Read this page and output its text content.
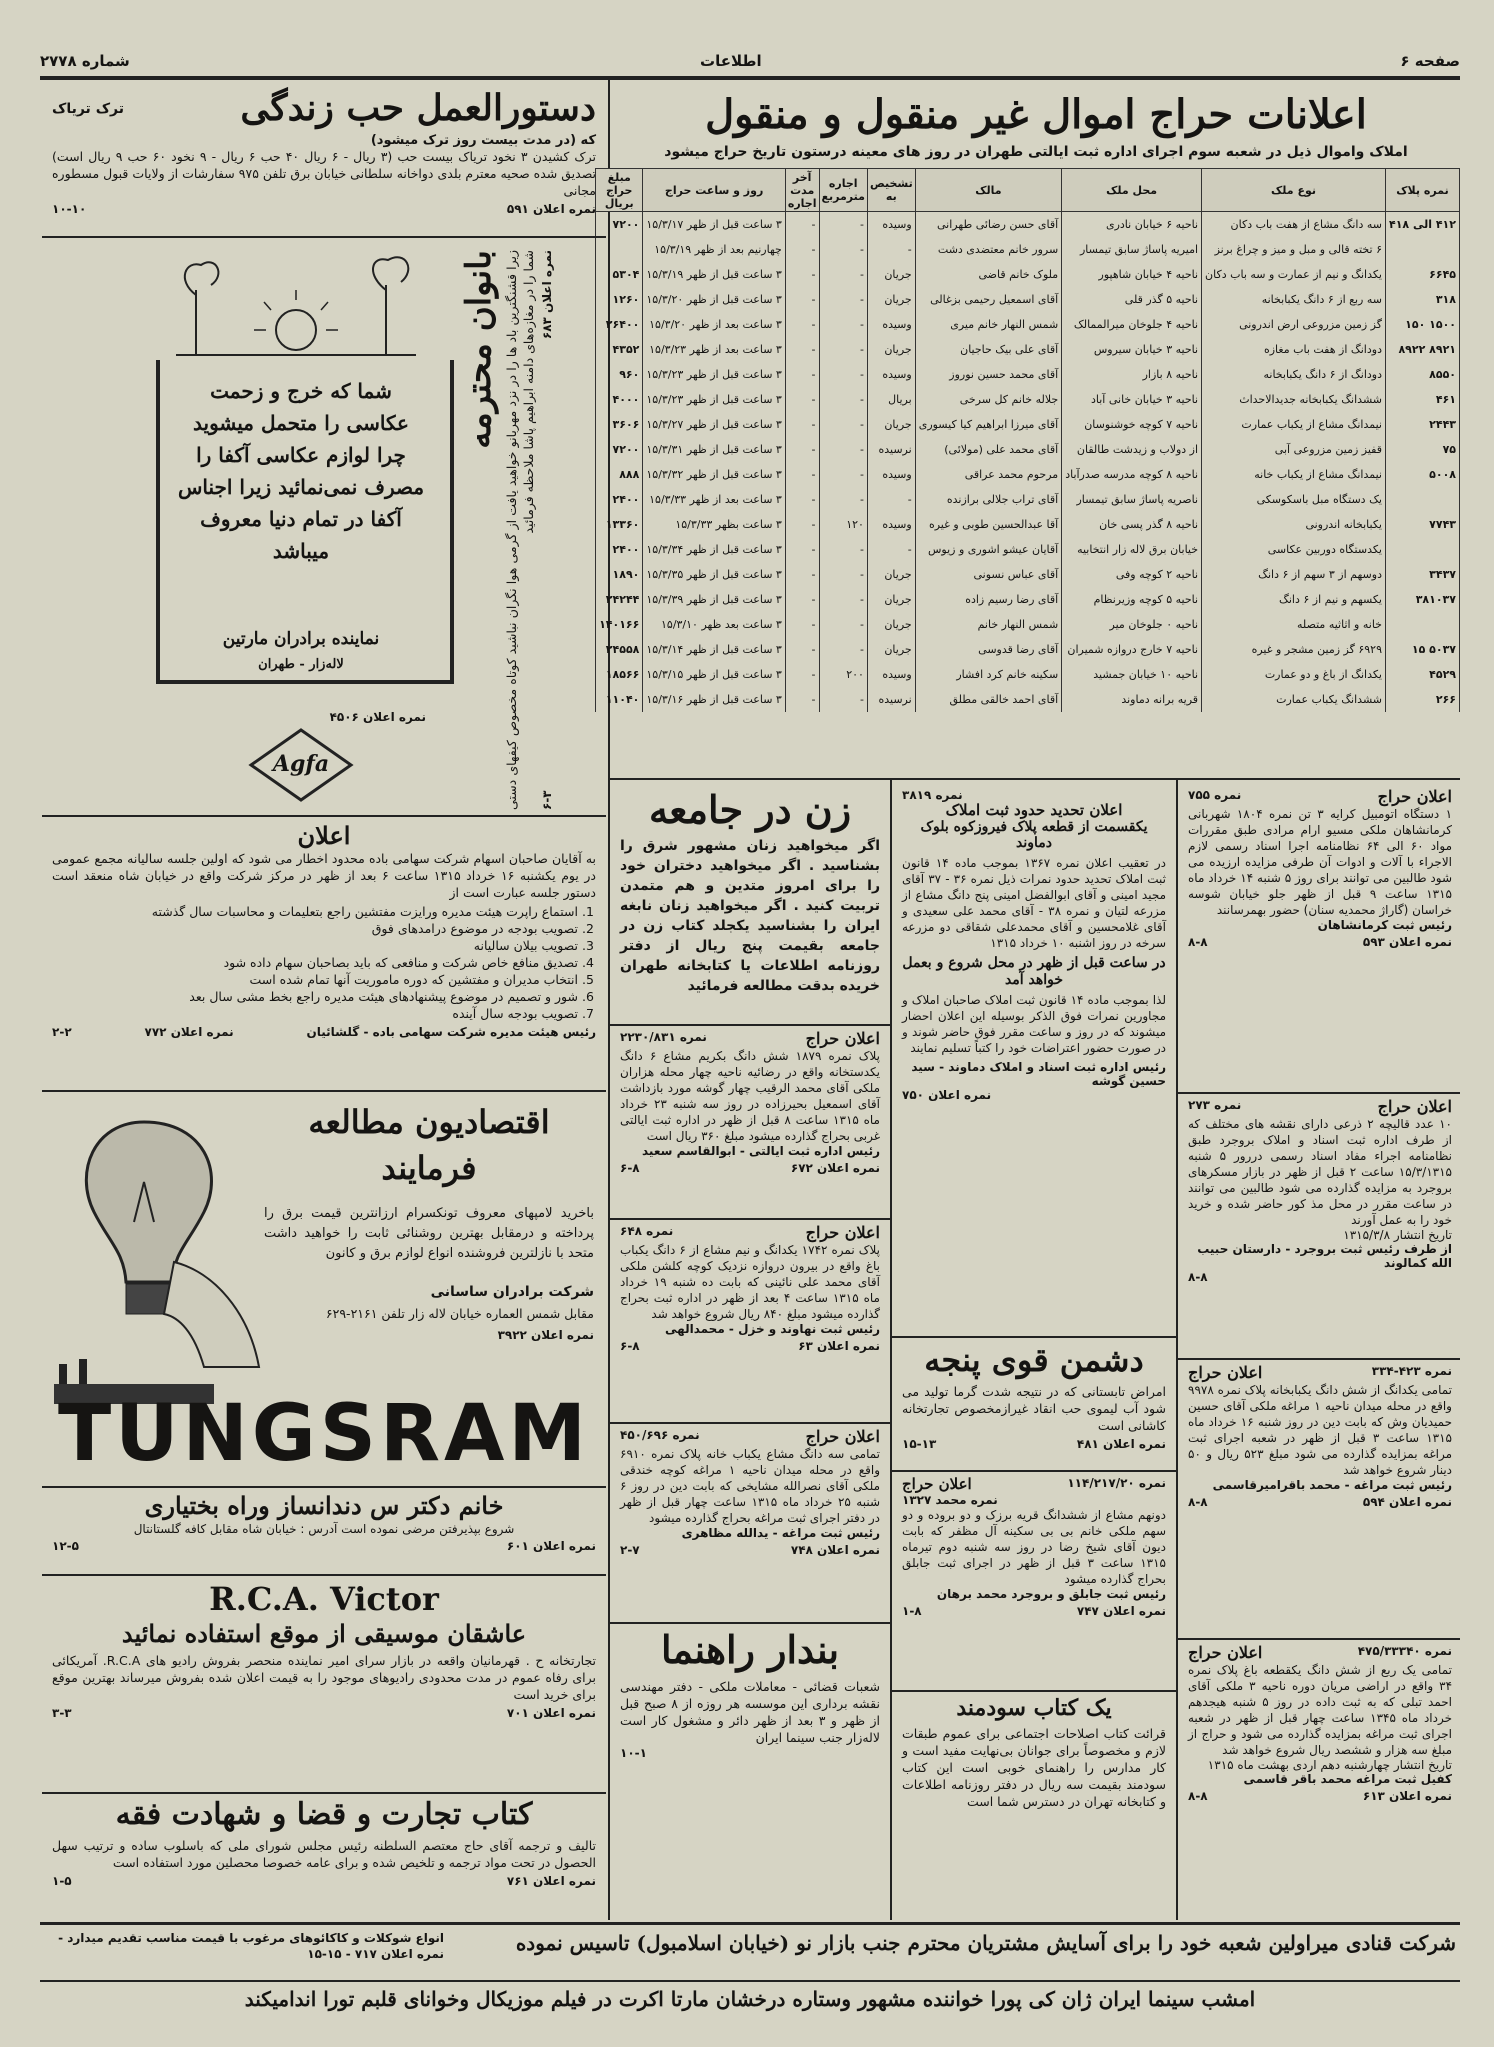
صفحه ۶
اطلاعات
شماره ۲۷۷۸
اعلانات حراج اموال غیر منقول و منقول
املاک واموال ذیل در شعبه سوم اجرای اداره ثبت ایالتی طهران در روز های معینه درستون تاریخ حراج میشود
نمره پلاک	نوع ملک	محل ملک	مالک	تشخیص به	اجاره مترمربع	آخر مدت اجاره	روز و ساعت حراج	مبلغ حراج بریال
۴۱۲ الی ۴۱۸	سه دانگ مشاع از هفت باب دکان	ناحیه ۶ خیابان نادری	آقای حسن رضائی طهرانی	وسیده	-	-	۳ ساعت قبل از ظهر ۱۵/۳/۱۷	۷۲۰۰
	۶ تخته قالی و مبل و میز و چراغ برنز	امیریه پاساژ سابق تیمسار	سرور خانم معتضدی دشت	-	-	-	چهارنیم بعد از ظهر ۱۵/۳/۱۹	
۶۶۴۵	یکدانگ و نیم از عمارت و سه باب دکان	ناحیه ۴ خیابان شاهپور	ملوک خانم قاضی	جریان	-	-	۳ ساعت قبل از ظهر ۱۵/۳/۱۹	۵۳۰۴
۳۱۸	سه ربع از ۶ دانگ یکبابخانه	ناحیه ۵ گذر قلی	آقای اسمعیل رحیمی بزغالی	جریان	-	-	۳ ساعت قبل از ظهر ۱۵/۳/۲۰	۱۲۶۰
۱۵۰۰ ۱۵۰	گز زمین مزروعی ارض اندرونی	ناحیه ۴ جلوخان میرالممالک	شمس النهار خانم میری	وسیده	-	-	۳ ساعت بعد از ظهر ۱۵/۳/۲۰	۲۶۴۰۰
۸۹۲۱ ۸۹۲۲	دودانگ از هفت باب مغازه	ناحیه ۳ خیابان سیروس	آقای علی بیک حاجیان	جریان	-	-	۳ ساعت بعد از ظهر ۱۵/۳/۲۳	۴۳۵۲
۸۵۵۰	دودانگ از ۶ دانگ یکبابخانه	ناحیه ۸ بازار	آقای محمد حسین نوروز	وسیده	-	-	۳ ساعت قبل از ظهر ۱۵/۳/۲۳	۹۶۰
۴۶۱	ششدانگ یکبابخانه جدیدالاحداث	ناحیه ۳ خیابان خانی آباد	جلاله خانم کل سرخی	بریال	-	-	۳ ساعت قبل از ظهر ۱۵/۳/۲۳	۴۰۰۰
۲۴۴۳	نیمدانگ مشاع از یکباب عمارت	ناحیه ۷ کوچه خوشنوسان	آقای میرزا ابراهیم کیا کیسوری	جریان	-	-	۳ ساعت قبل از ظهر ۱۵/۳/۲۷	۳۶۰۶
۷۵	قفیز زمین مزروعی آبی	از دولاب و زیدشت طالقان	آقای محمد علی (مولائی)	نرسیده	-	-	۳ ساعت قبل از ظهر ۱۵/۳/۳۱	۷۲۰۰
۵۰۰۸	نیمدانگ مشاع از یکباب خانه	ناحیه ۸ کوچه مدرسه صدرآباد	مرحوم محمد عراقی	وسیده	-	-	۳ ساعت قبل از ظهر ۱۵/۳/۳۲	۸۸۸
	یک دستگاه مبل باسکوسکی	ناصریه پاساژ سابق تیمسار	آقای تراب جلالی برازنده	-	-	-	۳ ساعت بعد از ظهر ۱۵/۳/۳۳	۲۴۰۰
۷۷۴۳	یکبابخانه اندرونی	ناحیه ۸ گذر پسی خان	آقا عبدالحسین طوبی و غیره	وسیده	۱۲۰	-	۳ ساعت بظهر ۱۵/۳/۳۳	۱۳۳۶۰
	یکدستگاه دوربین عکاسی	خیابان برق لاله زار انتخابیه	آقایان عیشو اشوری و زیوس	-	-	-	۳ ساعت قبل از ظهر ۱۵/۳/۳۴	۲۴۰۰
۳۴۳۷	دوسهم از ۳ سهم از ۶ دانگ	ناحیه ۲ کوچه وفی	آقای عباس نسونی	جریان	-	-	۳ ساعت قبل از ظهر ۱۵/۳/۳۵	۱۸۹۰
۳۸۱۰۳۷	یکسهم و نیم از ۶ دانگ	ناحیه ۵ کوچه وزیرنظام	آقای رضا رسیم زاده	جریان	-	-	۳ ساعت قبل از ظهر ۱۵/۳/۳۹	۲۴۲۴۴
	خانه و اثاثیه متصله	ناحیه ۰ جلوخان میر	شمس النهار خانم	جریان	-	-	۳ ساعت بعد ظهر ۱۵/۳/۱۰	۱۴۰۱۶۶
۵۰۳۷ ۱۵	۶۹۲۹ گز زمین مشجر و غیره	ناحیه ۷ خارج دروازه شمیران	آقای رضا قدوسی	جریان	-	-	۳ ساعت قبل از ظهر ۱۵/۳/۱۴	۲۴۵۵۸
۴۵۲۹	یکدانگ از باغ و دو عمارت	ناحیه ۱۰ خیابان جمشید	سکینه خانم کرد افشار	وسیده	۲۰۰	-	۳ ساعت قبل از ظهر ۱۵/۳/۱۵	۱۸۵۶۶
۲۶۶	ششدانگ یکباب عمارت	قریه برانه دماوند	آقای احمد خالقی مطلق	نرسیده	-	-	۳ ساعت قبل از ظهر ۱۵/۳/۱۶	۱۱۰۴۰
دستورالعمل حب زندگی
ترک تریاک
که (در مدت بیست روز ترک میشود)
ترک کشیدن ۳ نخود تریاک بیست حب (۳ ریال - ۶ ریال ۴۰ حب ۶ ریال - ۹ نخود ۶۰ حب ۹ ریال است) تصدیق شده صحیه معترم بلدی دواخانه سلطانی خیابان برق تلفن ۹۷۵ سفارشات از ولایات قبول مسطوره مجانی
نمره اعلان ۵۹۱
۱۰-۱۰
شما که خرج و زحمت عکاسی را متحمل میشوید چرا لوازم عکاسی آکفا را مصرف نمی‌نمائید زیرا اجناس آکفا در تمام دنیا معروف میباشد
نماینده برادران مارتین
لاله‌زار - طهران
نمره اعلان ۴۵۰۶
Agfa
بانوان محترمه زیرا قشنگترین باد ها را در نزد مهربانو خواهید یافت از گرمی هوا نگران نباشید کوتاه مخصوص کیفهای دستی شما را در مغازه‌های دامنه ابراهیم پاشا ملاحظه فرمائید نمره اعلان ۶۸۳
۶-۳
اعلان
به آقایان صاحبان اسهام شرکت سهامی باده محدود اخطار می شود که اولین جلسه سالیانه مجمع عمومی در یوم یکشنبه ۱۶ خرداد ۱۳۱۵ ساعت ۶ بعد از ظهر در مرکز شرکت واقع در خیابان شاه منعقد است دستور جلسه عبارت است از
1. استماع راپرت هیئت مدیره ورایزت مفتشین راجع بتعلیمات و محاسبات سال گذشته
2. تصویب بودجه در موضوع درامدهای فوق
3. تصویب بیلان سالیانه
4. تصدیق منافع خاص شرکت و منافعی که باید بصاحبان سهام داده شود
5. انتخاب مدیران و مفتشین که دوره ماموریت آنها تمام شده است
6. شور و تصمیم در موضوع پیشنهادهای هیئت مدیره راجع بخط مشی سال بعد
7. تصویب بودجه سال آینده
رئیس هیئت مدیره شرکت سهامی باده - گلشائیان
نمره اعلان ۷۷۲
۲-۲
اقتصادیون مطالعه
فرمایند
باخرید لامپهای معروف تونکسرام ارزانترین قیمت برق را پرداخته و درمقابل بهترین روشنائی ثابت را خواهید داشت متحد با نازلترین فروشنده انواع لوازم برق و کانون
شرکت برادران ساسانی
مقابل شمس العماره خیابان لاله زار تلفن ۲۱۶۱-۶۲۹
نمره اعلان ۳۹۲۲
TUNGSRAM
خانم دکتر س دندانساز وراه بختیاری
شروع بپذیرفتن مرضی نموده است آدرس : خیابان شاه مقابل کافه گلستانتال
نمره اعلان ۶۰۱
۱۲-۵
R.C.A. Victor
عاشقان موسیقی از موقع استفاده نمائید
تجارتخانه ح . قهرمانیان واقعه در بازار سرای امیر نماینده منحصر بفروش رادیو های R.C.A. آمریکائی برای رفاه عموم در مدت محدودی رادیوهای موجود را به قیمت اعلان شده بفروش میرساند بهترین موقع برای خرید است
نمره اعلان ۷۰۱
۳-۳
کتاب تجارت و قضا و شهادت فقه
تالیف و ترجمه آقای حاج معتصم السلطنه رئیس مجلس شورای ملی که باسلوب ساده و ترتیب سهل الحصول در تحت مواد ترجمه و تلخیص شده و برای عامه خصوصا محصلین مورد استفاده است
نمره اعلان ۷۶۱
۱-۵
زن در جامعه
اگر میخواهید زنان مشهور شرق را بشناسید . اگر میخواهید دختران خود را برای امروز متدین و هم متمدن تربیت کنید . اگر میخواهید زنان نابغه ایران را بشناسید یکجلد کتاب زن در جامعه بقیمت پنج ریال از دفتر روزنامه اطلاعات یا کتابخانه طهران خریده بدقت مطالعه فرمائید
اعلان حراج
نمره ۲۲۳۰/۸۳۱
پلاک نمره ۱۸۷۹ شش دانگ بکریم مشاع ۶ دانگ یکدستخانه واقع در رضائیه ناحیه چهار محله هزاران ملکی آقای محمد الرقیب چهار گوشه مورد بازداشت آقای اسمعیل بحیرزاده در روز سه شنبه ۲۳ خرداد ماه ۱۳۱۵ ساعت ۸ قبل از ظهر در اداره ثبت ایالتی غربی بحراج گذارده میشود مبلغ ۳۶۰ ریال است
رئیس اداره ثبت ایالتی - ابوالقاسم سعید
نمره اعلان ۶۷۲
۶-۸
اعلان حراج
نمره ۶۴۸
پلاک نمره ۱۷۴۲ یکدانگ و نیم مشاع از ۶ دانگ یکباب باغ واقع در بیرون دروازه نزدیک کوچه کلشن ملکی آقای محمد علی نائینی که بابت ده شنبه ۱۹ خرداد ماه ۱۳۱۵ ساعت ۴ بعد از ظهر در اداره ثبت بحراج گذارده میشود مبلغ ۸۴۰ ریال شروع خواهد شد
رئیس ثبت نهاوند و خزل - محمدالهی
نمره اعلان ۶۳
۶-۸
اعلان حراج
نمره ۴۵۰/۶۹۶
تمامی سه دانگ مشاع یکباب خانه پلاک نمره ۶۹۱۰ واقع در محله میدان ناحیه ۱ مراغه کوچه خندقی ملکی آقای نصرالله مشایخی که بابت دین در روز ۶ شنبه ۲۵ خرداد ماه ۱۳۱۵ ساعت چهار قبل از ظهر در دفتر اجرای ثبت مراغه بحراج گذارده میشود
رئیس ثبت مراغه - یدالله مظاهری
نمره اعلان ۷۴۸
۲-۷
بندار راهنما
شعبات قضائی - معاملات ملکی - دفتر مهندسی نقشه برداری این موسسه هر روزه از ۸ صبح قبل از ظهر و ۳ بعد از ظهر دائر و مشغول کار است لاله‌زار جنب سینما ایران
۱۰-۱
نمره ۳۸۱۹
اعلان تحدید حدود ثبت املاک
یکقسمت از قطعه پلاک فیروزکوه بلوک دماوند
در تعقیب اعلان نمره ۱۳۶۷ بموجب ماده ۱۴ قانون ثبت املاک تحدید حدود نمرات ذیل نمره ۳۶ - ۳۷ آقای مجید امینی و آقای ابوالفضل امینی پنج دانگ مشاع از مزرعه لتیان و نمره ۳۸ - آقای محمد علی سعیدی و آقای غلامحسین و آقای محمدعلی شقاقی دو مزرعه سرخه در روز اشنبه ۱۰ خرداد ۱۳۱۵
در ساعت قبل از ظهر در محل شروع و بعمل خواهد آمد
لذا بموجب ماده ۱۴ قانون ثبت املاک صاحبان املاک و مجاورین نمرات فوق الذکر بوسیله این اعلان احضار میشوند که در روز و ساعت مقرر فوق حاضر شوند و در صورت حضور اعتراضات خود را کتباً تسلیم نمایند
رئیس اداره ثبت اسناد و املاک دماوند - سید حسین گوشه
نمره اعلان ۷۵۰
دشمن قوی پنجه
امراض تابستانی که در نتیجه شدت گرما تولید می شود آب لیموی حب انقاد غیرازمخصوص تجارتخانه کاشانی است
نمره اعلان ۴۸۱
۱۵-۱۳
نمره ۱۱۴/۲۱۷/۲۰
اعلان حراج
نمره محمد ۱۳۲۷
دونهم مشاع از ششدانگ قریه برزک و دو بروده و دو سهم ملکی خانم بی بی سکینه آل مظفر که بابت دیون آقای شیخ رضا در روز سه شنبه دوم تیرماه ۱۳۱۵ ساعت ۳ قبل از ظهر در اجرای ثبت جابلق بحراج گذارده میشود
رئیس ثبت جابلق و بروجرد محمد برهان
نمره اعلان ۷۴۷
۱-۸
یک کتاب سودمند
قرائت کتاب اصلاحات اجتماعی برای عموم طبقات لازم و مخصوصاً برای جوانان بی‌نهایت مفید است و کار مدارس را راهنمای خوبی است این کتاب سودمند بقیمت سه ریال در دفتر روزنامه اطلاعات و کتابخانه تهران در دسترس شما است
اعلان حراج
نمره ۷۵۵
۱ دستگاه اتومبیل کرایه ۳ تن نمره ۱۸۰۴ شهربانی کرمانشاهان ملکی مسیو ارام مرادی طبق مقررات مواد ۶۰ الی ۶۴ نظامنامه اجرا اسناد رسمی لازم الاجراء با آلات و ادوات آن طرفی مزایده ارزیده می شود طالبین می توانند برای روز ۵ شنبه ۱۴ خرداد ماه ۱۳۱۵ ساعت ۹ قبل از ظهر جلو خیابان شوسه خراسان (گاراژ محمدیه سنان) حضور بهمرسانند
رئیس ثبت کرمانشاهان
نمره اعلان ۵۹۳
۸-۸
اعلان حراج
نمره ۲۷۳
۱۰ عدد قالیچه ۲ ذرعی دارای نقشه های مختلف که از طرف اداره ثبت اسناد و املاک بروجرد طبق نظامنامه اجراء مفاد اسناد رسمی دررور ۵ شنبه ۱۵/۳/۱۳۱۵ ساعت ۲ قبل از ظهر در بازار مسکرهای بروجرد به مزایده گذارده می شود طالبین می توانند در ساعت مقرر در محل مذ کور حاضر شده و خرید خود را به عمل آورند
تاریخ انتشار ۱۳۱۵/۳/۸
از طرف رئیس ثبت بروجرد - دارستان حبیب الله کمالوند
۸-۸
نمره ۴۲۳-۳۳۴
اعلان حراج
تمامی یکدانگ از شش دانگ یکبابخانه پلاک نمره ۹۹۷۸ واقع در محله میدان ناحیه ۱ مراغه ملکی آقای حسین حمیدیان وش که بابت دین در روز شنبه ۱۶ خرداد ماه ۱۳۱۵ ساعت ۳ قبل از ظهر در شعبه اجرای ثبت مراغه بمزایده گذارده می شود مبلغ ۵۲۳ ریال و ۵۰ دینار شروع خواهد شد
رئیس ثبت مراغه - محمد باقرامیرقاسمی
نمره اعلان ۵۹۴
۸-۸
نمره ۴۷۵/۳۳۳۴۰
اعلان حراج
تمامی یک ربع از شش دانگ یکقطعه باغ پلاک نمره ۳۴ واقع در اراضی مریان دوره ناحیه ۳ ملکی آقای احمد تبلی که به ثبت داده در روز ۵ شنبه هیجدهم خرداد ماه ۱۳۴۵ ساعت چهار قبل از ظهر در شعبه اجرای ثبت مراغه بمزایده گذارده می شود و حراج از مبلغ سه هزار و ششصد ریال شروع خواهد شد
تاریخ انتشار چهارشنبه دهم اردی بهشت ماه ۱۳۱۵
کفیل ثبت مراغه محمد باقر قاسمی
نمره اعلان ۶۱۳
۸-۸
شرکت قنادی میراولین شعبه خود را برای آسایش مشتریان محترم جنب بازار نو (خیابان اسلامبول) تاسیس نموده
انواع شوکلات و کاکائوهای مرغوب با قیمت مناسب تقدیم میدارد - نمره اعلان ۷۱۷ - ۱۵-۱۵
امشب سینما ایران ژان کی پورا خواننده مشهور وستاره درخشان مارتا اکرت در فیلم موزیکال وخوانای قلبم تورا اندامیکند
